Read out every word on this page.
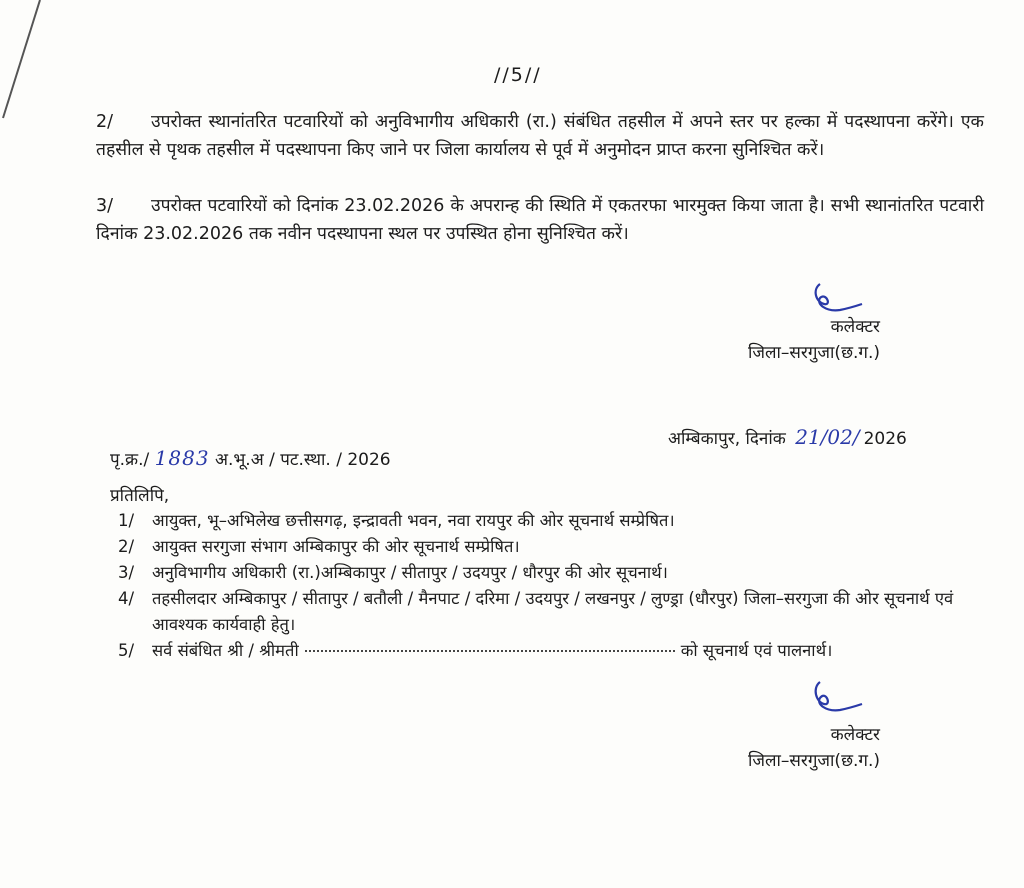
//5//
2/ उपरोक्त स्थानांतरित पटवारियों को अनुविभागीय अधिकारी (रा.) संबंधित तहसील में अपने स्तर पर हल्का में पदस्थापना करेंगे। एक तहसील से पृथक तहसील में पदस्थापना किए जाने पर जिला कार्यालय से पूर्व में अनुमोदन प्राप्त करना सुनिश्चित करें।
3/ उपरोक्त पटवारियों को दिनांक 23.02.2026 के अपरान्ह की स्थिति में एकतरफा भारमुक्त किया जाता है। सभी स्थानांतरित पटवारी दिनांक 23.02.2026 तक नवीन पदस्थापना स्थल पर उपस्थित होना सुनिश्चित करें।
कलेक्टर
जिला–सरगुजा(छ.ग.)
पृ.क्र./ 1883 अ.भू.अ / पट.स्था. / 2026
अम्बिकापुर, दिनांक 21/02/ 2026
प्रतिलिपि,
1/	आयुक्त, भू–अभिलेख छत्तीसगढ़, इन्द्रावती भवन, नवा रायपुर की ओर सूचनार्थ सम्प्रेषित।
2/	आयुक्त सरगुजा संभाग अम्बिकापुर की ओर सूचनार्थ सम्प्रेषित।
3/	अनुविभागीय अधिकारी (रा.)अम्बिकापुर / सीतापुर / उदयपुर / धौरपुर की ओर सूचनार्थ।
4/	तहसीलदार अम्बिकापुर / सीतापुर / बतौली / मैनपाट / दरिमा / उदयपुर / लखनपुर / लुण्ड्रा (धौरपुर) जिला–सरगुजा की ओर सूचनार्थ एवं आवश्यक कार्यवाही हेतु।
5/	सर्व संबंधित श्री / श्रीमती	को सूचनार्थ एवं पालनार्थ।
कलेक्टर
जिला–सरगुजा(छ.ग.)
